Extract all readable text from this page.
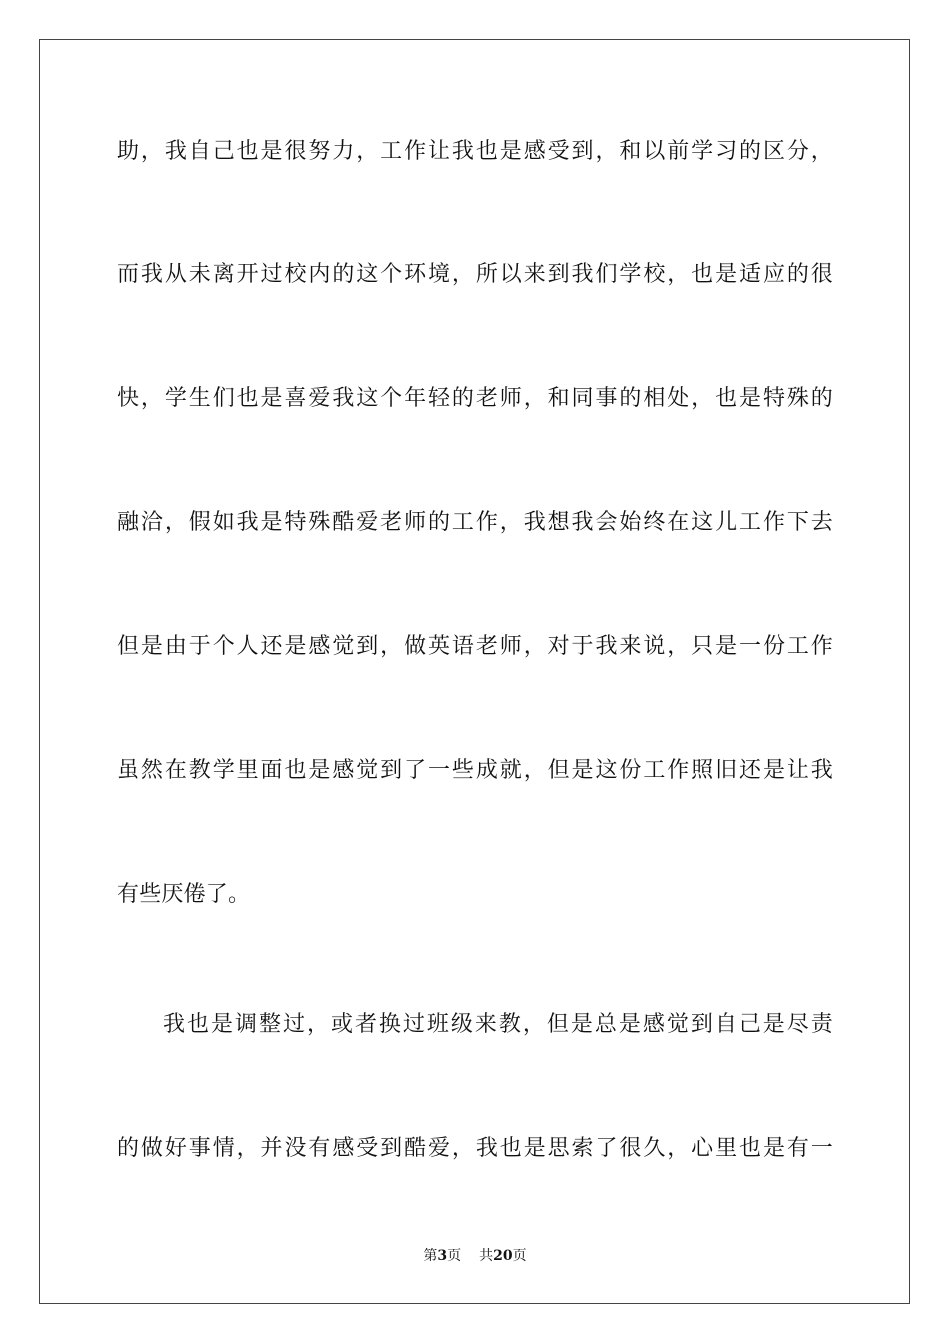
助，我自己也是很努力，工作让我也是感受到，和以前学习的区分，
而我从未离开过校内的这个环境，所以来到我们学校，也是适应的很
快，学生们也是喜爱我这个年轻的老师，和同事的相处，也是特殊的
融洽，假如我是特殊酷爱老师的工作，我想我会始终在这儿工作下去
但是由于个人还是感觉到，做英语老师，对于我来说，只是一份工作
虽然在教学里面也是感觉到了一些成就，但是这份工作照旧还是让我
有些厌倦了。
我也是调整过，或者换过班级来教，但是总是感觉到自己是尽责
的做好事情，并没有感受到酷爱，我也是思索了很久，心里也是有一
第3页 共20页
